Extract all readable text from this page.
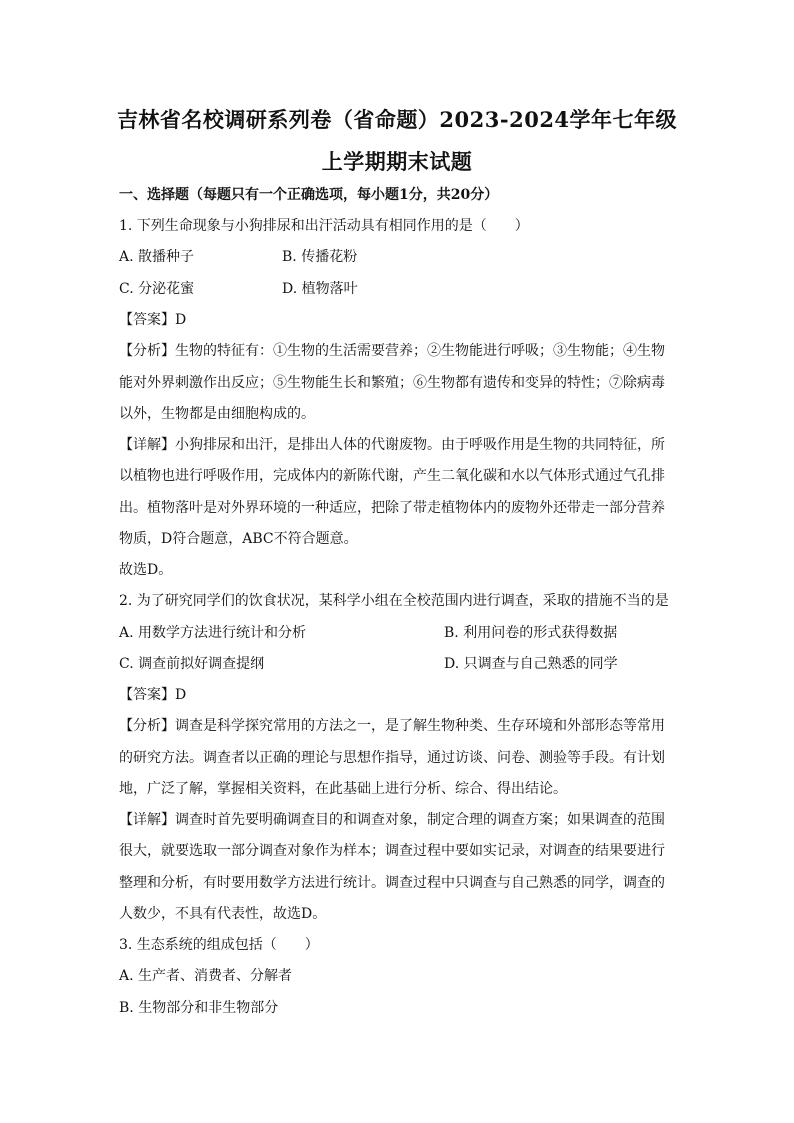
吉林省名校调研系列卷（省命题）2023-2024学年七年级
上学期期末试题
一、选择题（每题只有一个正确选项，每小题1分，共20分）
1. 下列生命现象与小狗排尿和出汗活动具有相同作用的是（　　）
A. 散播种子	B. 传播花粉
C. 分泌花蜜	D. 植物落叶
【答案】D
【分析】生物的特征有：①生物的生活需要营养；②生物能进行呼吸；③生物能；④生物
能对外界刺激作出反应；⑤生物能生长和繁殖；⑥生物都有遗传和变异的特性；⑦除病毒
以外，生物都是由细胞构成的。
【详解】小狗排尿和出汗，是排出人体的代谢废物。由于呼吸作用是生物的共同特征，所
以植物也进行呼吸作用，完成体内的新陈代谢，产生二氧化碳和水以气体形式通过气孔排
出。植物落叶是对外界环境的一种适应，把除了带走植物体内的废物外还带走一部分营养
物质，D符合题意，ABC不符合题意。
故选D。
2. 为了研究同学们的饮食状况，某科学小组在全校范围内进行调查，采取的措施不当的是
A. 用数学方法进行统计和分析	B. 利用问卷的形式获得数据
C. 调查前拟好调查提纲	D. 只调查与自己熟悉的同学
【答案】D
【分析】调查是科学探究常用的方法之一，是了解生物种类、生存环境和外部形态等常用
的研究方法。调查者以正确的理论与思想作指导，通过访谈、问卷、测验等手段。有计划
地，广泛了解，掌握相关资料，在此基础上进行分析、综合、得出结论。
【详解】调查时首先要明确调查目的和调查对象，制定合理的调查方案；如果调查的范围
很大，就要选取一部分调查对象作为样本；调查过程中要如实记录，对调查的结果要进行
整理和分析，有时要用数学方法进行统计。调查过程中只调查与自己熟悉的同学，调查的
人数少，不具有代表性，故选D。
3. 生态系统的组成包括（　　）
A. 生产者、消费者、分解者
B. 生物部分和非生物部分
